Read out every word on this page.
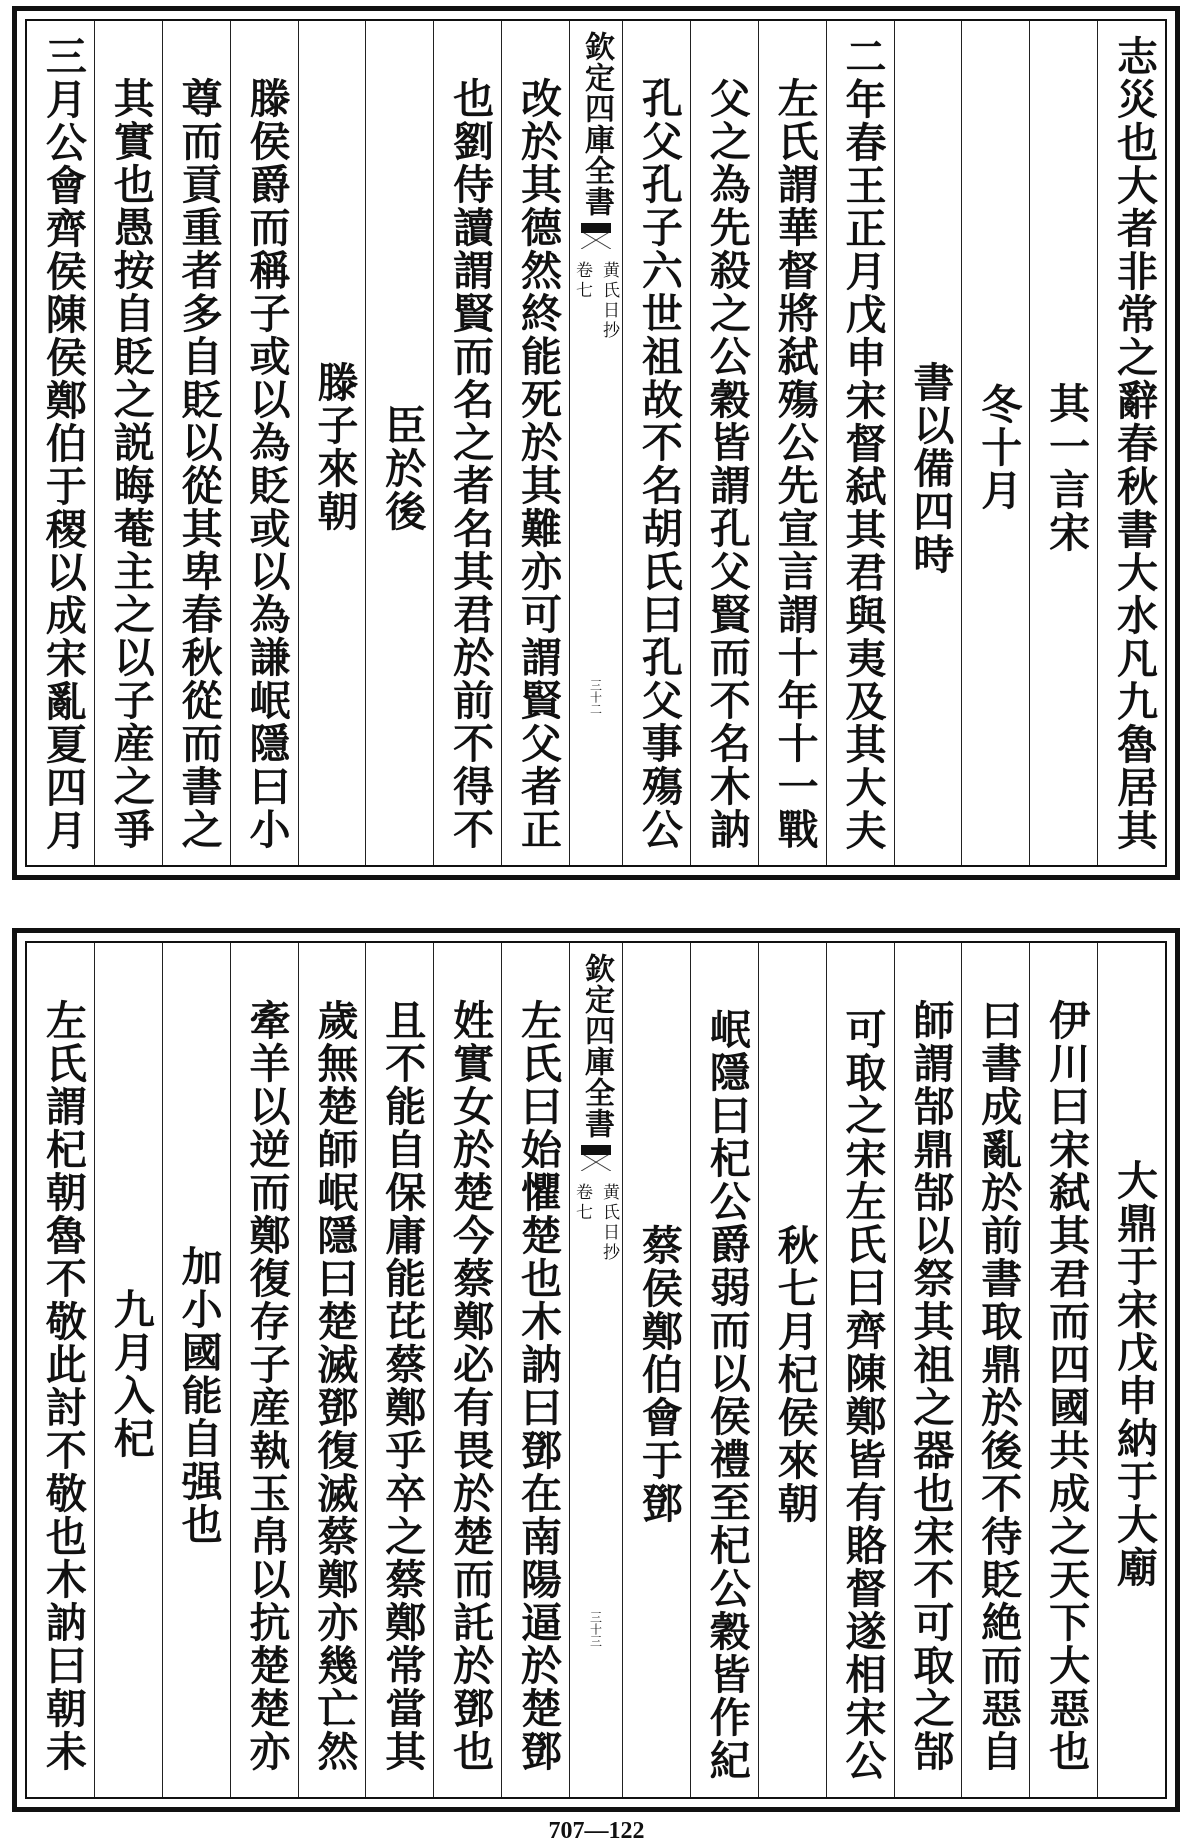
志災也大者非常之辭春秋書大水凡九魯居其
其一言宋
冬十月
書以備四時
二年春王正月戊申宋督弑其君與夷及其大夫
左氏謂華督將弑殤公先宣言謂十年十一戰
父之為先殺之公穀皆謂孔父賢而不名木訥
孔父孔子六世祖故不名胡氏曰孔父事殤公
欽定四庫全書
黄氏日抄
卷七
三十二
改於其德然終能死於其難亦可謂賢父者正
也劉侍讀謂賢而名之者名其君於前不得不
臣於後
滕子來朝
滕侯爵而稱子或以為貶或以為謙岷隱曰小
尊而貢重者多自貶以從其卑春秋從而書之
其實也愚按自貶之説晦菴主之以子産之爭
三月公會齊侯陳侯鄭伯于稷以成宋亂夏四月
大鼎于宋戊申納于大廟
伊川曰宋弑其君而四國共成之天下大惡也
曰書成亂於前書取鼎於後不待貶絶而惡自
師謂郜鼎郜以祭其祖之器也宋不可取之郜
可取之宋左氏曰齊陳鄭皆有賂督遂相宋公
秋七月杞侯來朝
岷隱曰杞公爵弱而以侯禮至杞公穀皆作紀
蔡侯鄭伯會于鄧
欽定四庫全書
黄氏日抄
卷七
三十三
左氏曰始懼楚也木訥曰鄧在南陽逼於楚鄧
姓實女於楚今蔡鄭必有畏於楚而託於鄧也
且不能自保庸能芘蔡鄭乎卒之蔡鄭常當其
歲無楚師岷隱曰楚滅鄧復滅蔡鄭亦幾亡然
牽羊以逆而鄭復存子産執玉帛以抗楚楚亦
加小國能自强也
九月入杞
左氏謂杞朝魯不敬此討不敬也木訥曰朝未
707—122
